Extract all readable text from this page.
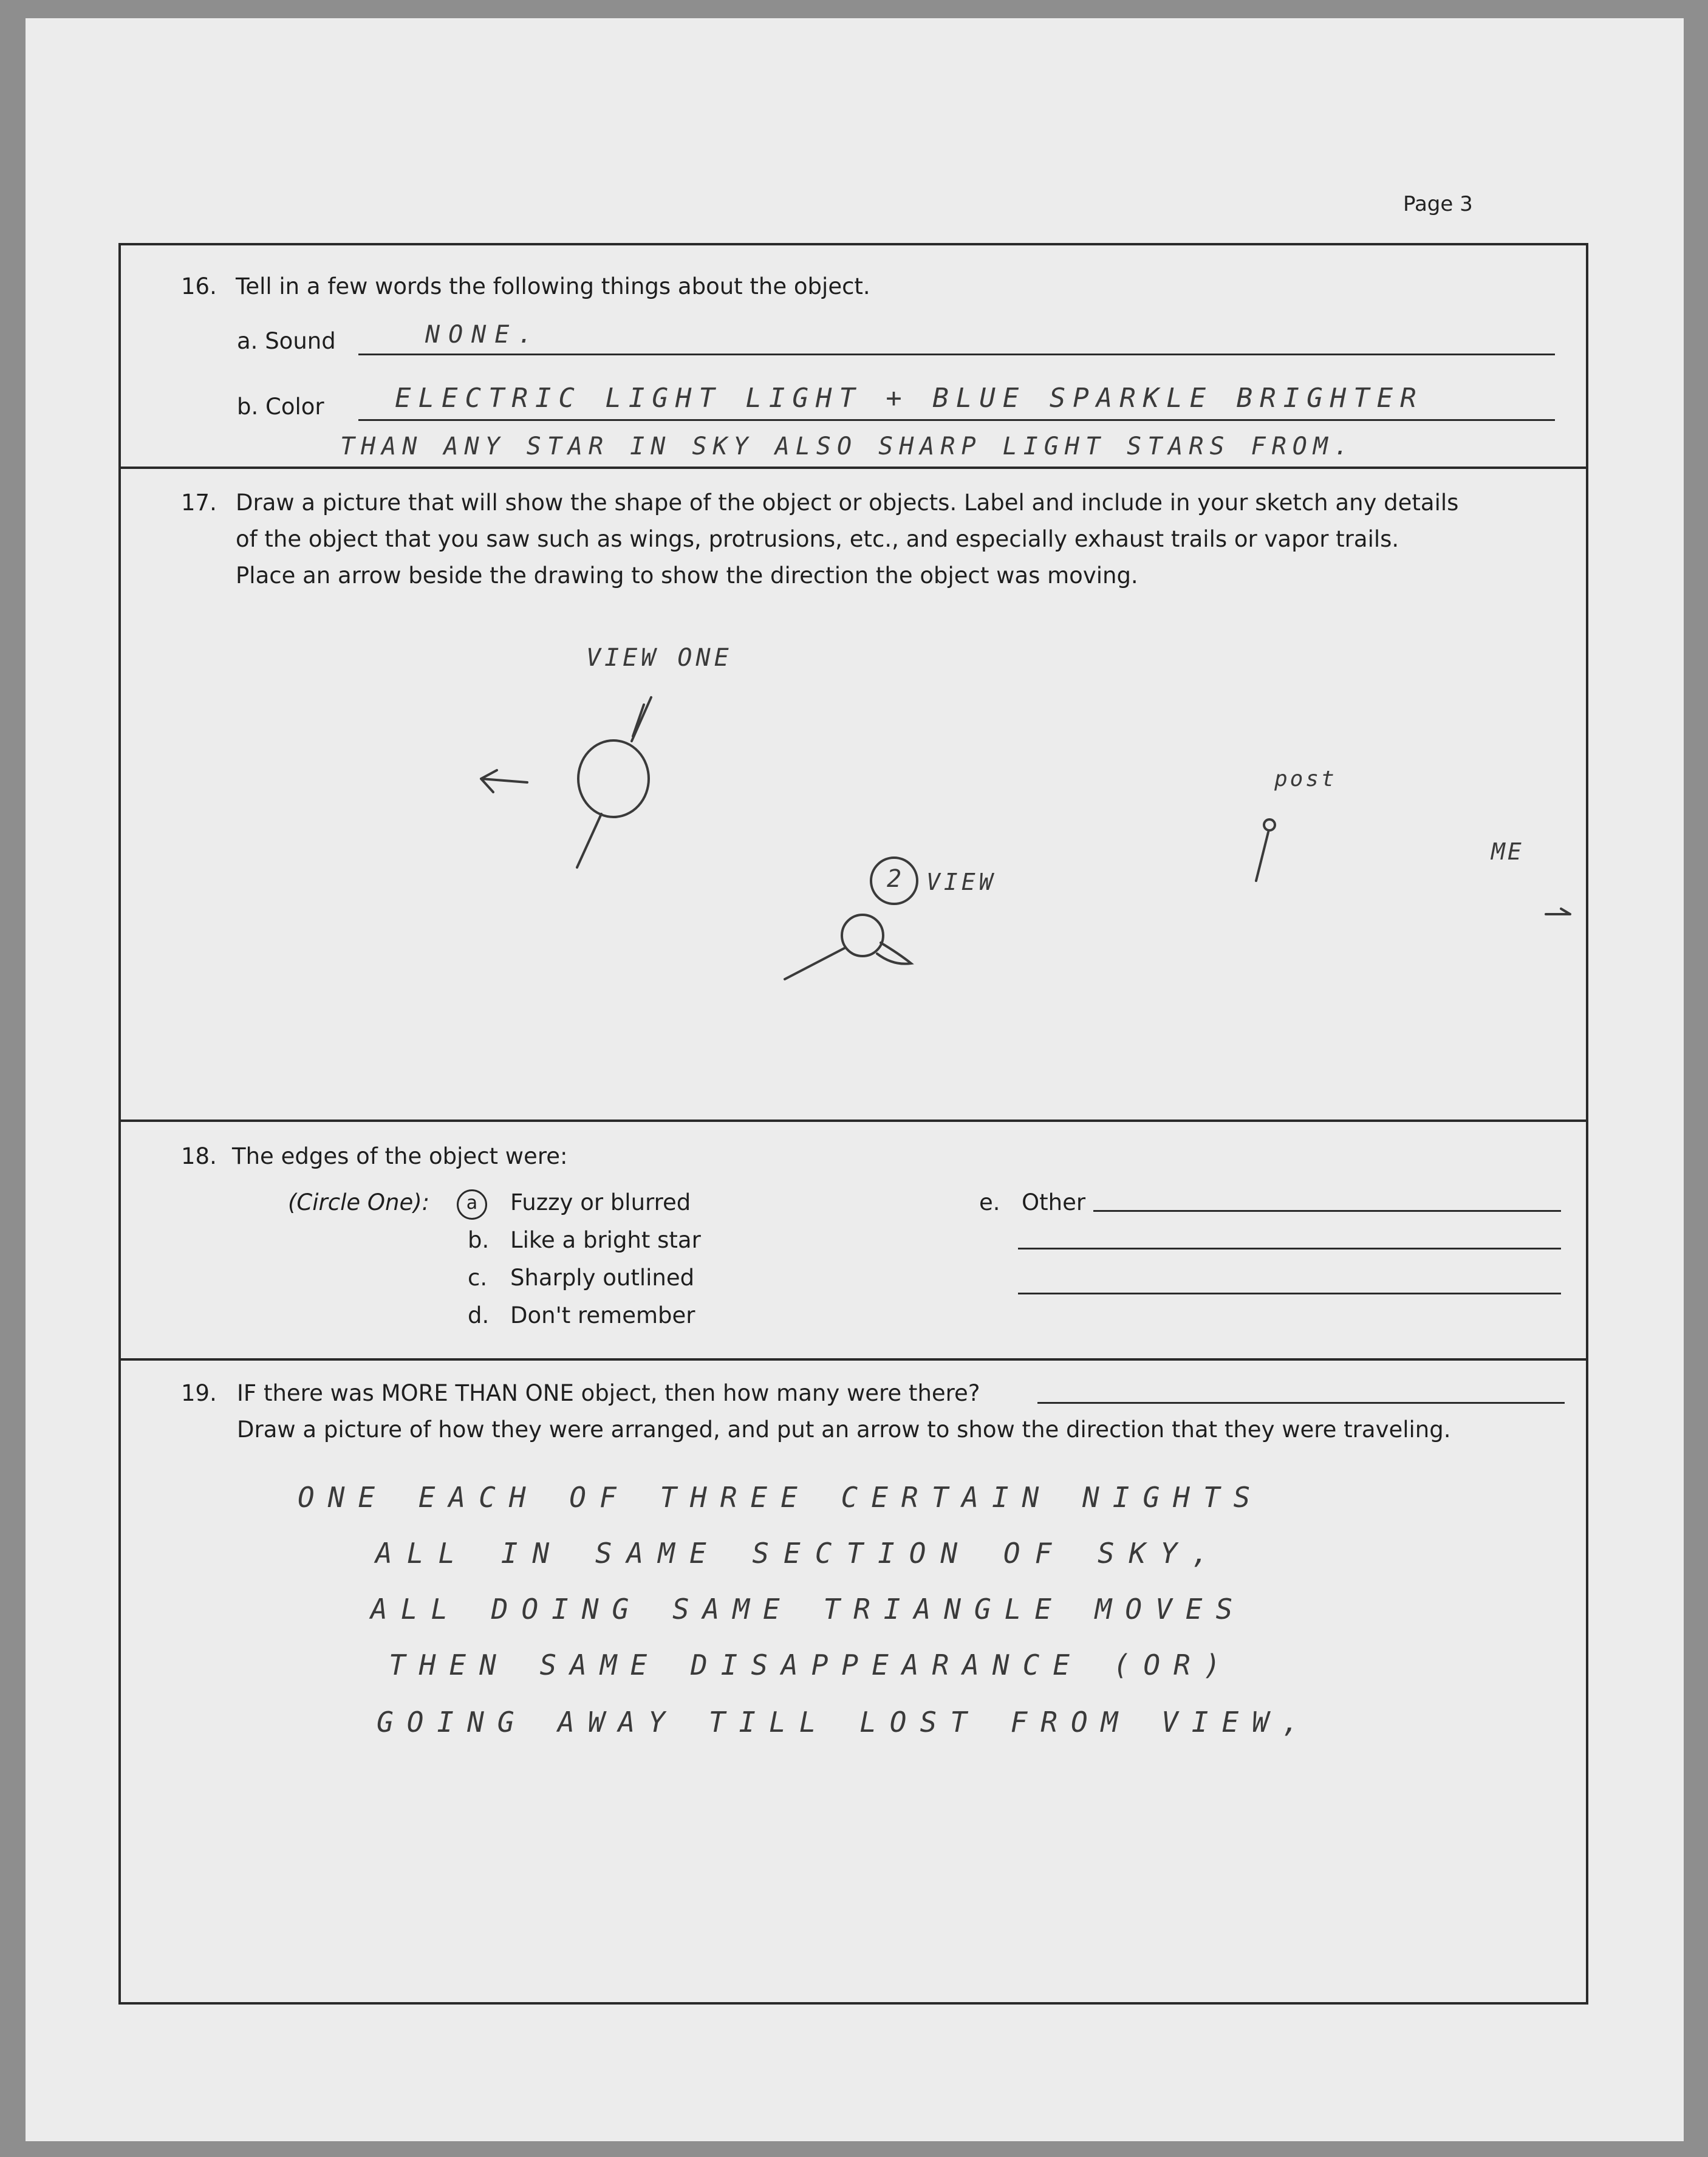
Page 3
16. Tell in a few words the following things about the object.
a. Sound	NONE.
b. Color	ELECTRIC LIGHT LIGHT + BLUE SPARKLE BRIGHTER
THAN ANY STAR IN SKY ALSO SHARP LIGHT STARS FROM.
17. Draw a picture that will show the shape of the object or objects. Label and include in your sketch any details
of the object that you saw such as wings, protrusions, etc., and especially exhaust trails or vapor trails.
Place an arrow beside the drawing to show the direction the object was moving.
VIEW ONE
2 VIEW
post
ME
18. The edges of the object were:
(Circle One):	a	Fuzzy or blurred
b. Like a bright star
c. Sharply outlined
d. Don't remember
e. Other
19. IF there was MORE THAN ONE object, then how many were there?
Draw a picture of how they were arranged, and put an arrow to show the direction that they were traveling.
ONE EACH OF THREE CERTAIN NIGHTS
ALL IN SAME SECTION OF SKY,
ALL DOING SAME TRIANGLE MOVES
THEN SAME DISAPPEARANCE (OR)
GOING AWAY TILL LOST FROM VIEW,
